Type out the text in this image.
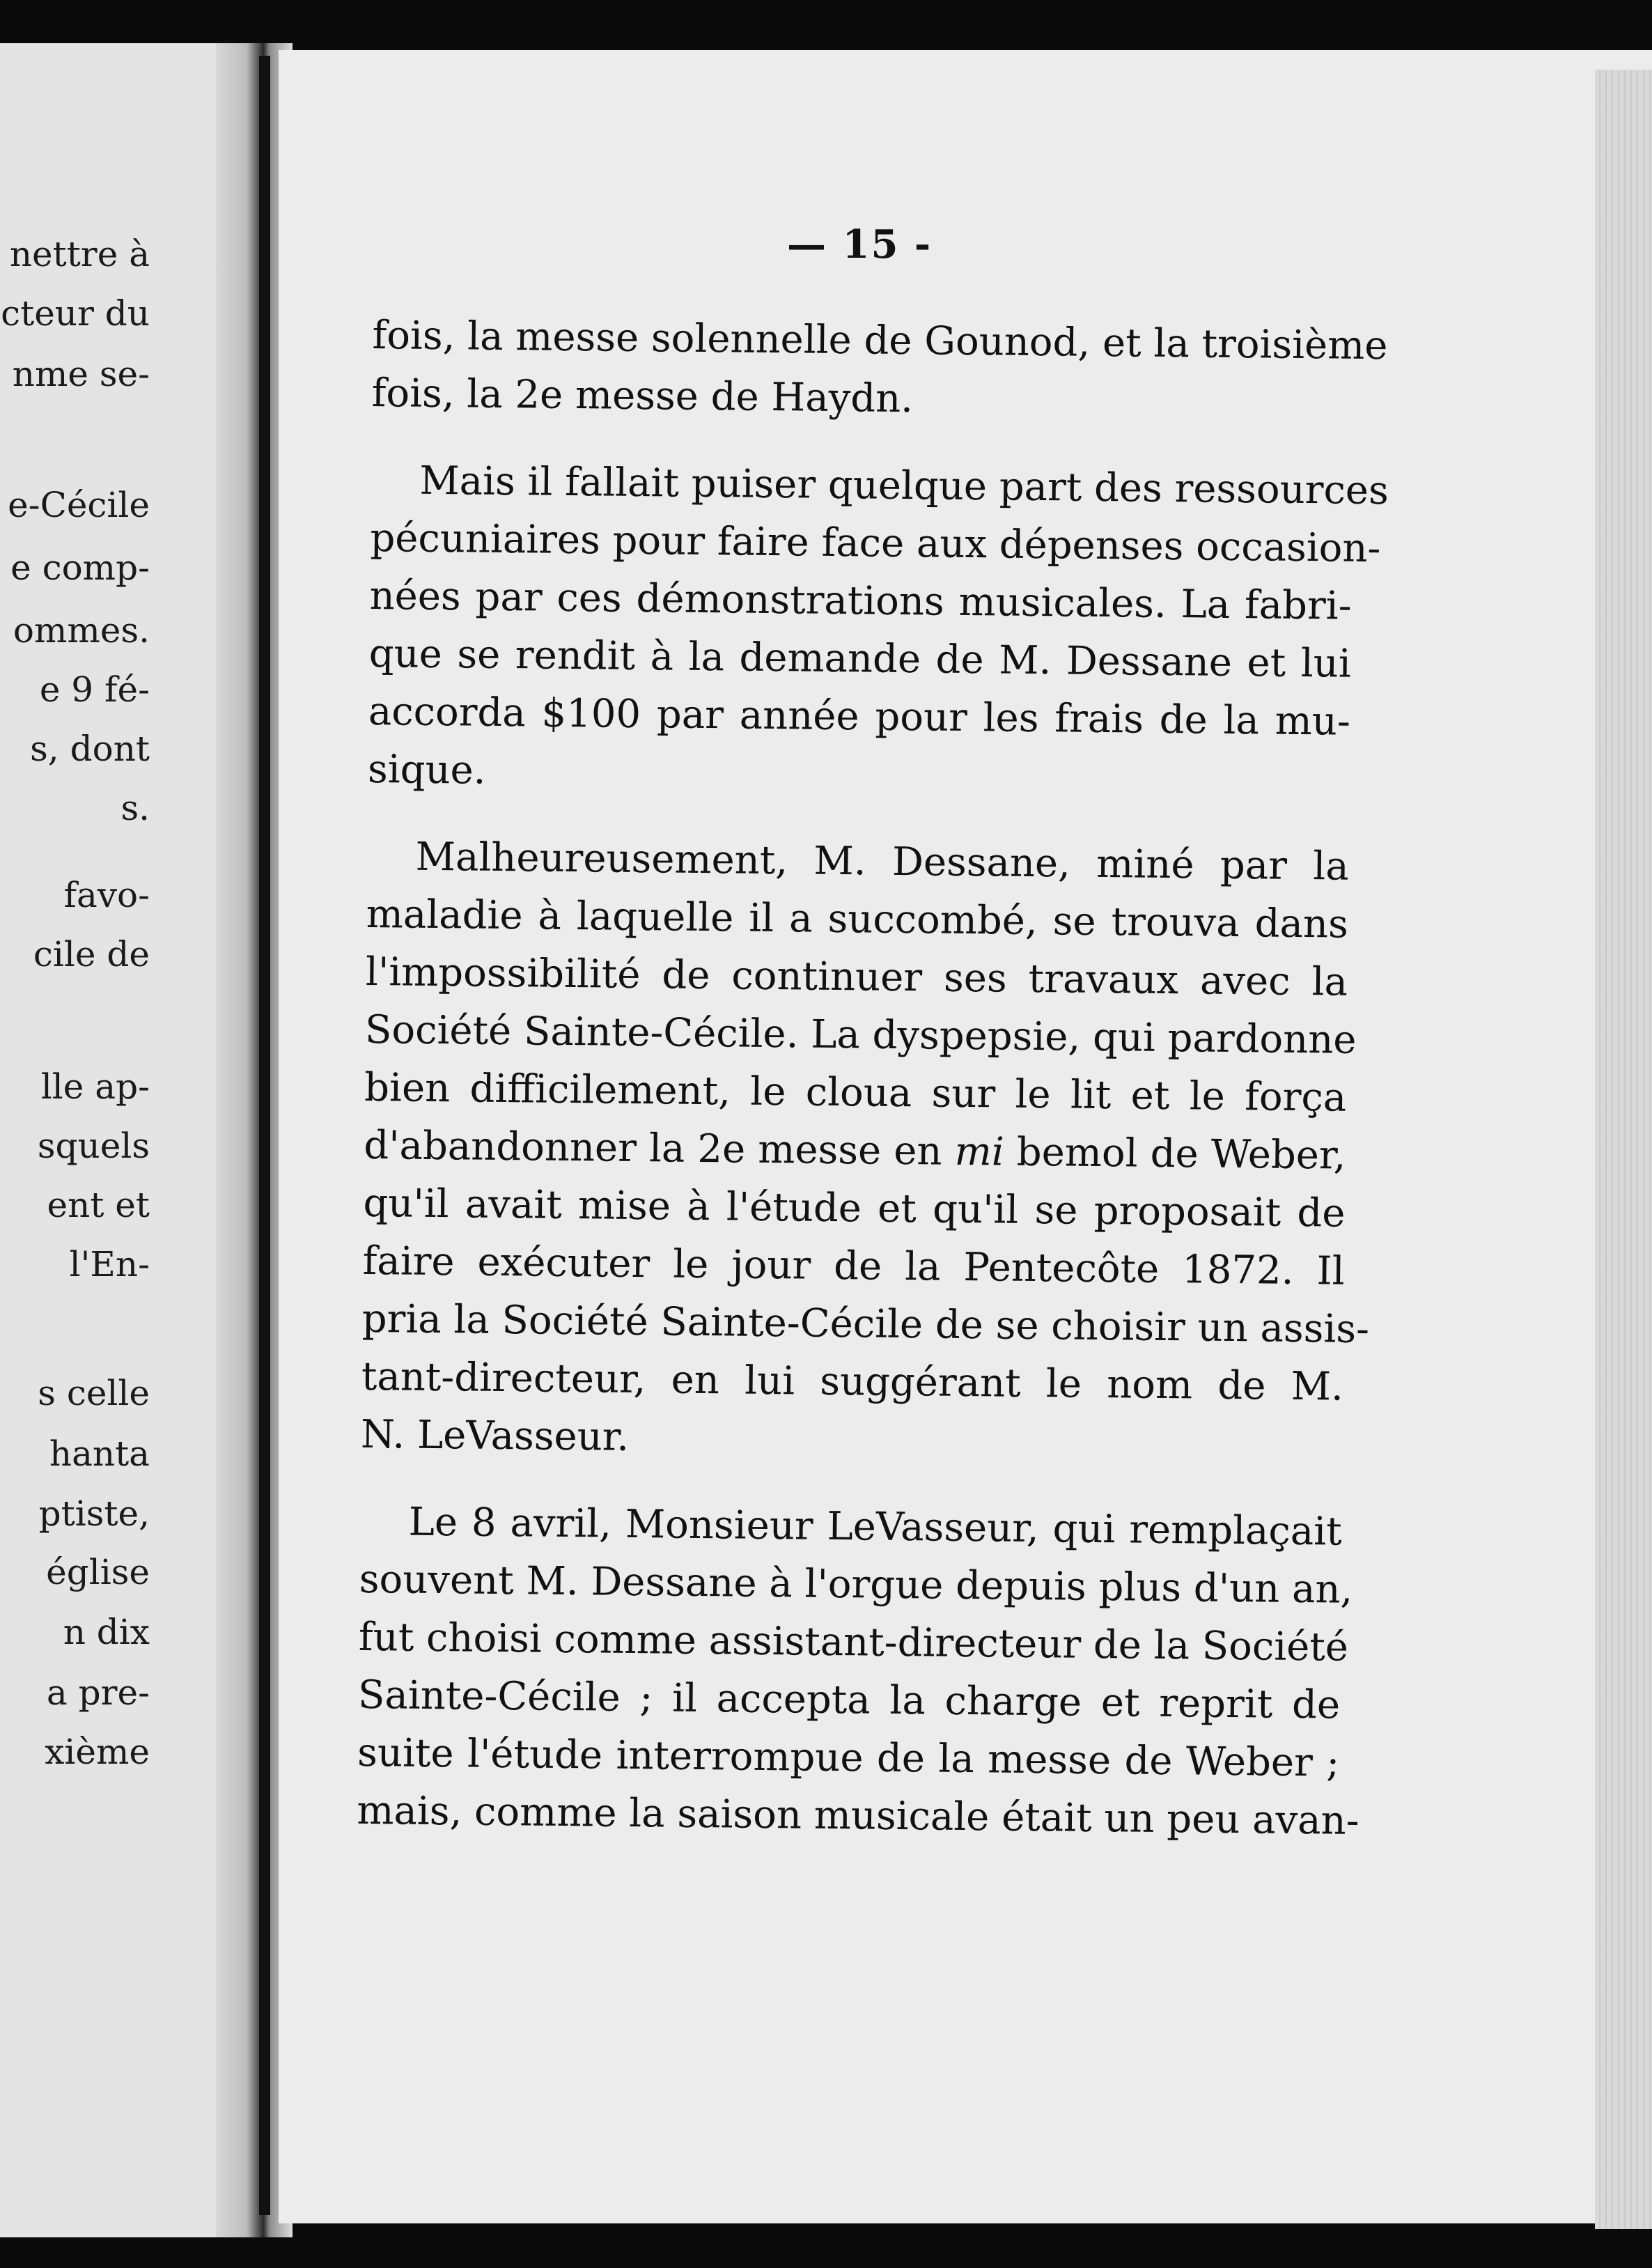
nettre à
cteur du
nme se-
e-Cécile
e comp-
ommes.
e 9 fé-
s, dont
s.
favo-
cile de
lle ap-
squels
ent et
l'En-
s celle
hanta
ptiste,
église
n dix
a pre-
xième
— 15 -

fois, la messe solennelle de Gounod, et la troisième
fois, la 2e messe de Haydn.

Mais il fallait puiser quelque part des ressources
pécuniaires pour faire face aux dépenses occasion-
nées par ces démonstrations musicales. La fabri-
que se rendit à la demande de M. Dessane et lui
accorda $100 par année pour les frais de la mu-
sique.

Malheureusement, M. Dessane, miné par la
maladie à laquelle il a succombé, se trouva dans
l'impossibilité de continuer ses travaux avec la
Société Sainte-Cécile. La dyspepsie, qui pardonne
bien difficilement, le cloua sur le lit et le força
d'abandonner la 2e messe en mi bemol de Weber,
qu'il avait mise à l'étude et qu'il se proposait de
faire exécuter le jour de la Pentecôte 1872. Il
pria la Société Sainte-Cécile de se choisir un assis-
tant-directeur, en lui suggérant le nom de M.
N. LeVasseur.

Le 8 avril, Monsieur LeVasseur, qui remplaçait
souvent M. Dessane à l'orgue depuis plus d'un an,
fut choisi comme assistant-directeur de la Société
Sainte-Cécile ; il accepta la charge et reprit de
suite l'étude interrompue de la messe de Weber ;
mais, comme la saison musicale était un peu avan-
